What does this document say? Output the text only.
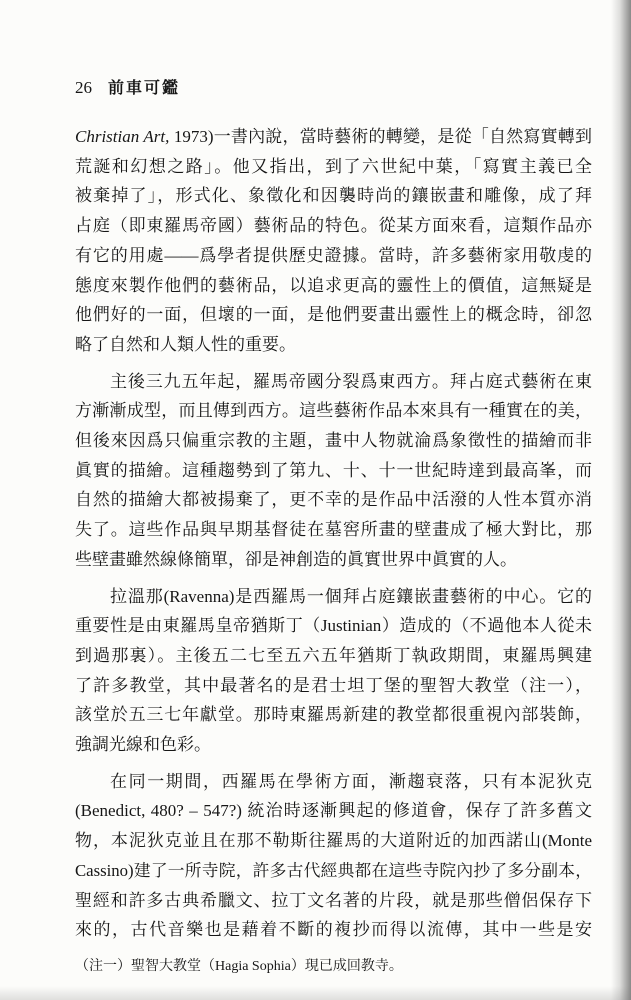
26 前車可鑑
Christian Art, 1973)一書內說，當時藝術的轉變，是從「自然寫實轉到
荒誕和幻想之路」。他又指出，到了六世紀中葉，「寫實主義已全
被棄掉了」，形式化、象徵化和因襲時尚的鑲嵌畫和雕像，成了拜
占庭（即東羅馬帝國）藝術品的特色。從某方面來看，這類作品亦
有它的用處——爲學者提供歷史證據。當時，許多藝術家用敬虔的
態度來製作他們的藝術品，以追求更高的靈性上的價值，這無疑是
他們好的一面，但壞的一面，是他們要畫出靈性上的概念時，卻忽
略了自然和人類人性的重要。
主後三九五年起，羅馬帝國分裂爲東西方。拜占庭式藝術在東
方漸漸成型，而且傳到西方。這些藝術作品本來具有一種實在的美，
但後來因爲只偏重宗教的主題，畫中人物就淪爲象徵性的描繪而非
眞實的描繪。這種趨勢到了第九、十、十一世紀時達到最高峯，而
自然的描繪大都被揚棄了，更不幸的是作品中活潑的人性本質亦消
失了。這些作品與早期基督徒在墓窖所畫的壁畫成了極大對比，那
些壁畫雖然線條簡單，卻是神創造的眞實世界中眞實的人。
拉溫那(Ravenna)是西羅馬一個拜占庭鑲嵌畫藝術的中心。它的
重要性是由東羅馬皇帝猶斯丁（Justinian）造成的（不過他本人從未
到過那裏）。主後五二七至五六五年猶斯丁執政期間，東羅馬興建
了許多教堂，其中最著名的是君士坦丁堡的聖智大教堂（注一），
該堂於五三七年獻堂。那時東羅馬新建的教堂都很重視內部裝飾，
強調光線和色彩。
在同一期間，西羅馬在學術方面，漸趨衰落，只有本泥狄克
(Benedict, 480? – 547?) 統治時逐漸興起的修道會，保存了許多舊文
物，本泥狄克並且在那不勒斯往羅馬的大道附近的加西諾山(Monte
Cassino)建了一所寺院，許多古代經典都在這些寺院內抄了多分副本，
聖經和許多古典希臘文、拉丁文名著的片段，就是那些僧侶保存下
來的，古代音樂也是藉着不斷的複抄而得以流傳，其中一些是安
（注一）聖智大教堂（Hagia Sophia）現已成回教寺。
